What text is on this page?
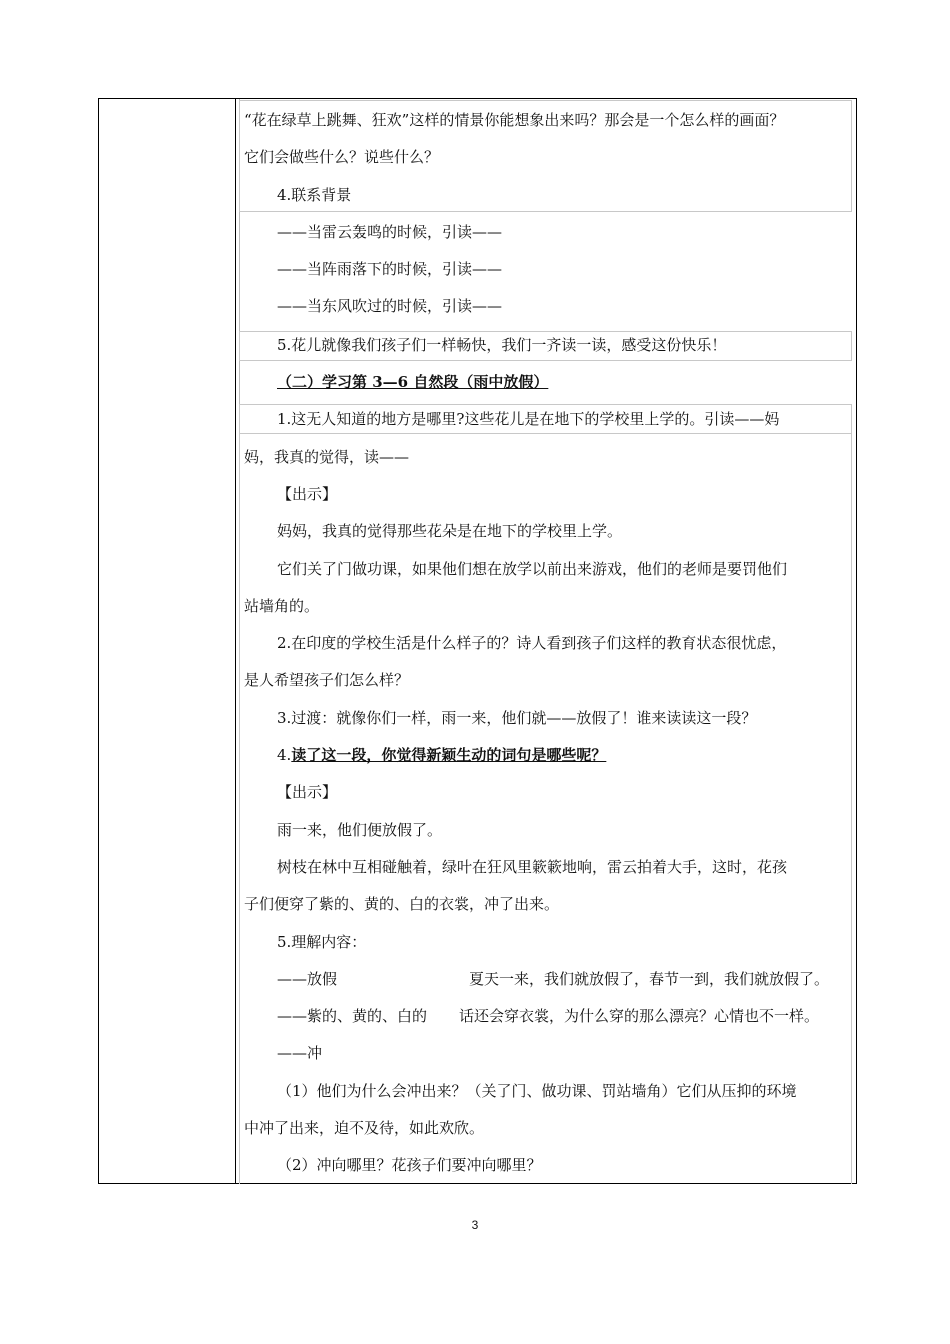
“花在绿草上跳舞、狂欢”这样的情景你能想象出来吗？那会是一个怎么样的画面？
它们会做些什么？说些什么？
4.联系背景
——当雷云轰鸣的时候，引读——
——当阵雨落下的时候，引读——
——当东风吹过的时候，引读——
5.花儿就像我们孩子们一样畅快，我们一齐读一读，感受这份快乐！
（二）学习第 3—6 自然段（雨中放假）
1.这无人知道的地方是哪里?这些花儿是在地下的学校里上学的。引读——妈
妈，我真的觉得，读——
【出示】
妈妈，我真的觉得那些花朵是在地下的学校里上学。
它们关了门做功课，如果他们想在放学以前出来游戏，他们的老师是要罚他们
站墙角的。
2.在印度的学校生活是什么样子的？诗人看到孩子们这样的教育状态很忧虑，
是人希望孩子们怎么样？
3.过渡：就像你们一样，雨一来，他们就——放假了！谁来读读这一段？
4.读了这一段，你觉得新颖生动的词句是哪些呢？
【出示】
雨一来，他们便放假了。
树枝在林中互相碰触着，绿叶在狂风里簌簌地响，雷云拍着大手，这时，花孩
子们便穿了紫的、黄的、白的衣裳，冲了出来。
5.理解内容：
——放假	夏天一来，我们就放假了，春节一到，我们就放假了。
——紫的、黄的、白的 话还会穿衣裳，为什么穿的那么漂亮？心情也不一样。
——冲
（1）他们为什么会冲出来？（关了门、做功课、罚站墙角）它们从压抑的环境
中冲了出来，迫不及待，如此欢欣。
（2）冲向哪里？花孩子们要冲向哪里？
3
